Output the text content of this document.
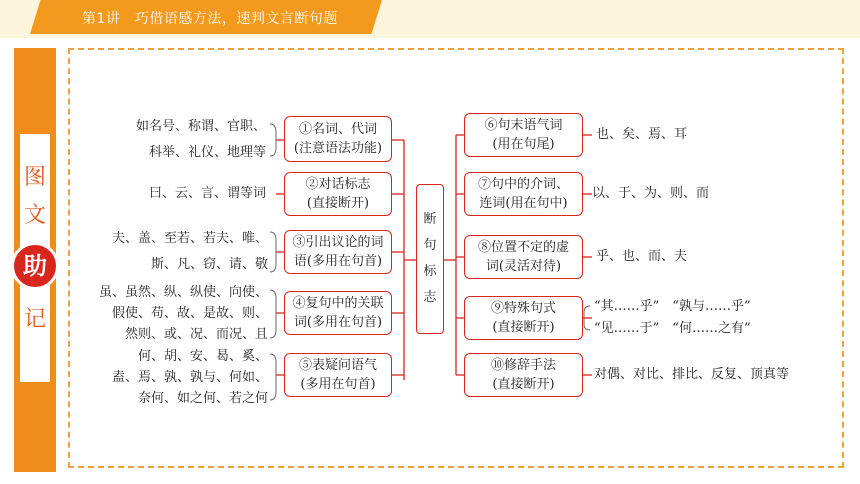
第1讲　巧借语感方法，速判文言断句题
图
文
助
记
如名号、称谓、官职、
科举、礼仪、地理等
曰、云、言、谓等词
夫、盖、至若、若夫、唯、
斯、凡、窃、请、敬
虽、虽然、纵、纵使、向使、
假使、苟、故、是故、则、
然则、或、况、而况、且
何、胡、安、曷、奚、
盍、焉、孰、孰与、何如、
奈何、如之何、若之何
①名词、代词
(注意语法功能)
②对话标志
(直接断开)
③引出议论的词
语(多用在句首)
④复句中的关联
词(多用在句首)
⑤表疑问语气
(多用在句首)
断
句
标
志
⑥句末语气词
(用在句尾)
⑦句中的介词、
连词(用在句中)
⑧位置不定的虚
词(灵活对待)
⑨特殊句式
(直接断开)
⑩修辞手法
(直接断开)
也、矣、焉、耳
以、于、为、则、而
乎、也、而、夫
“其……乎”　“孰与……乎”
“见……于”　“何……之有”
对偶、对比、排比、反复、顶真等
